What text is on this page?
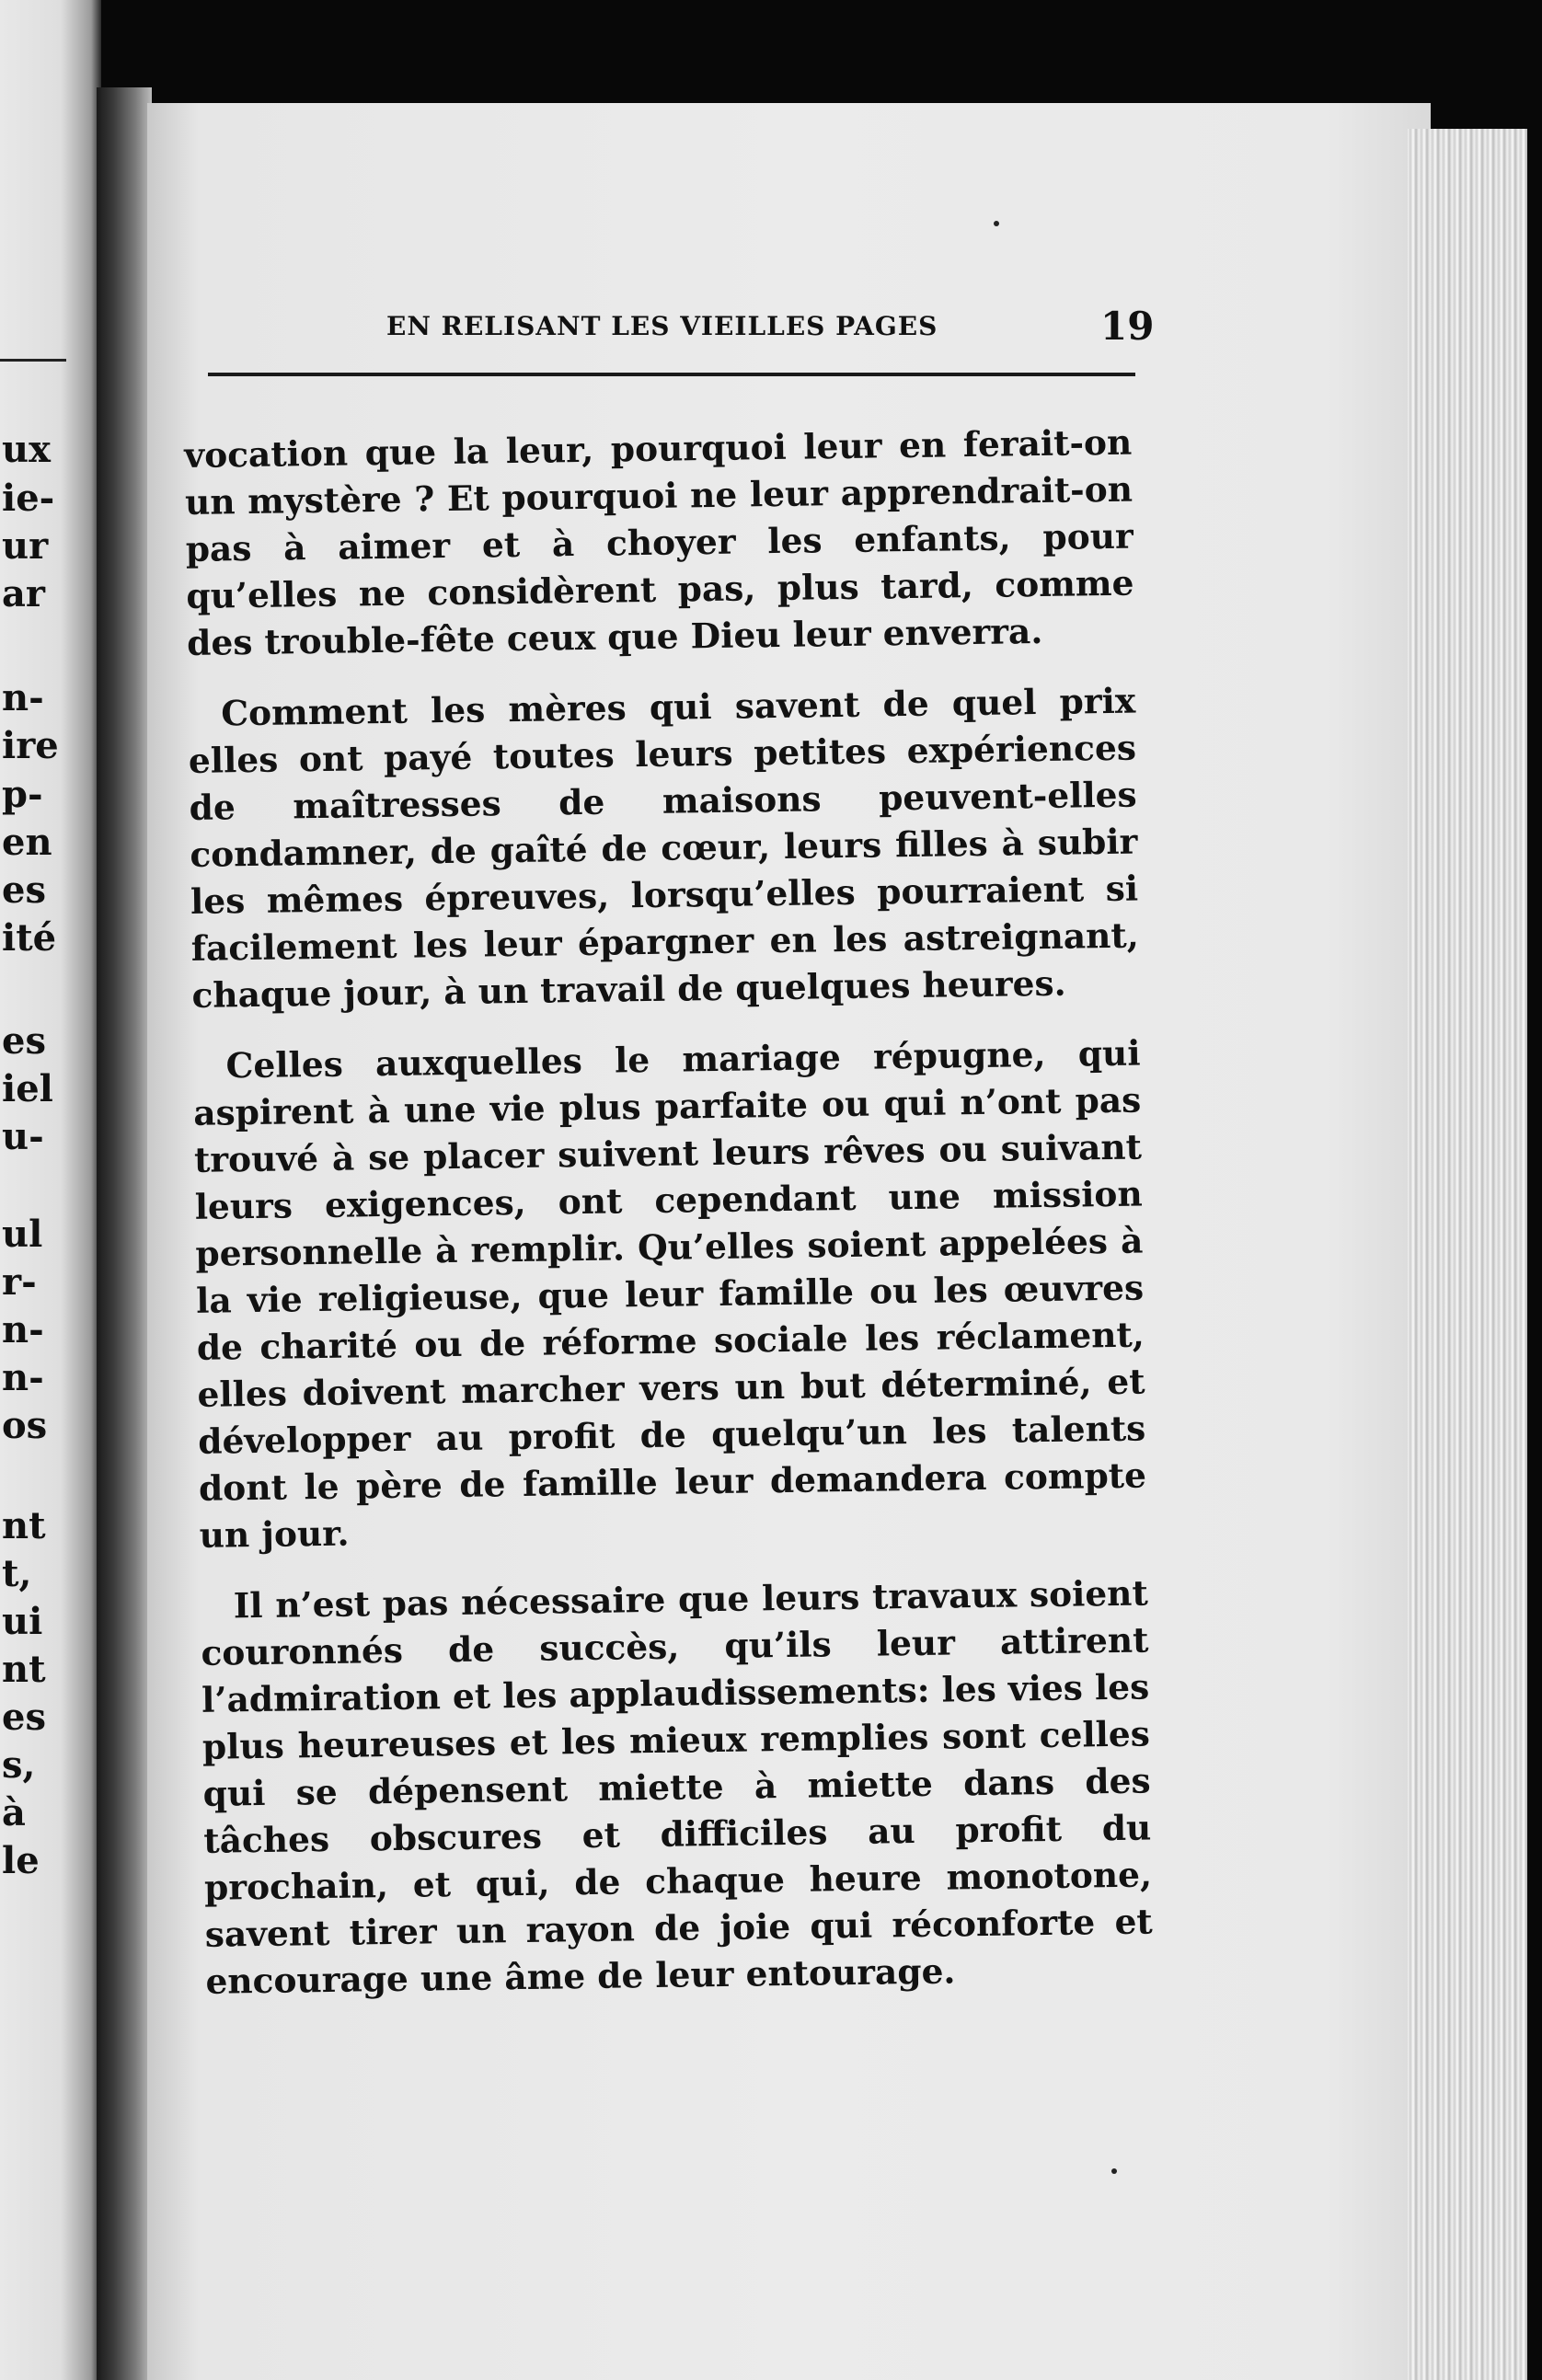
ux
ie-
ur
ar
n-
ire
p-
en
es
ité
es
iel
u-
ul
r-
n-
n-
os
nt
t,
ui
nt
es
s,
à
le
EN RELISANT LES VIEILLES PAGES	19

vocation que la leur, pourquoi leur en ferait-on un mystère ? Et pourquoi ne leur apprendrait-on pas à aimer et à choyer les enfants, pour qu’elles ne considèrent pas, plus tard, comme des trouble-fête ceux que Dieu leur enverra.

Comment les mères qui savent de quel prix elles ont payé toutes leurs petites expériences de maîtresses de maisons peuvent-elles condamner, de gaîté de cœur, leurs filles à subir les mêmes épreuves, lorsqu’elles pourraient si facilement les leur épargner en les astreignant, chaque jour, à un travail de quelques heures.

Celles auxquelles le mariage répugne, qui aspirent à une vie plus parfaite ou qui n’ont pas trouvé à se placer suivent leurs rêves ou suivant leurs exigences, ont cependant une mission personnelle à remplir. Qu’elles soient appelées à la vie religieuse, que leur famille ou les œuvres de charité ou de réforme sociale les réclament, elles doivent marcher vers un but déterminé, et développer au profit de quelqu’un les talents dont le père de famille leur demandera compte un jour.

Il n’est pas nécessaire que leurs travaux soient couronnés de succès, qu’ils leur attirent l’admiration et les applaudissements: les vies les plus heureuses et les mieux remplies sont celles qui se dépensent miette à miette dans des tâches obscures et difficiles au profit du prochain, et qui, de chaque heure monotone, savent tirer un rayon de joie qui réconforte et encourage une âme de leur entourage.
